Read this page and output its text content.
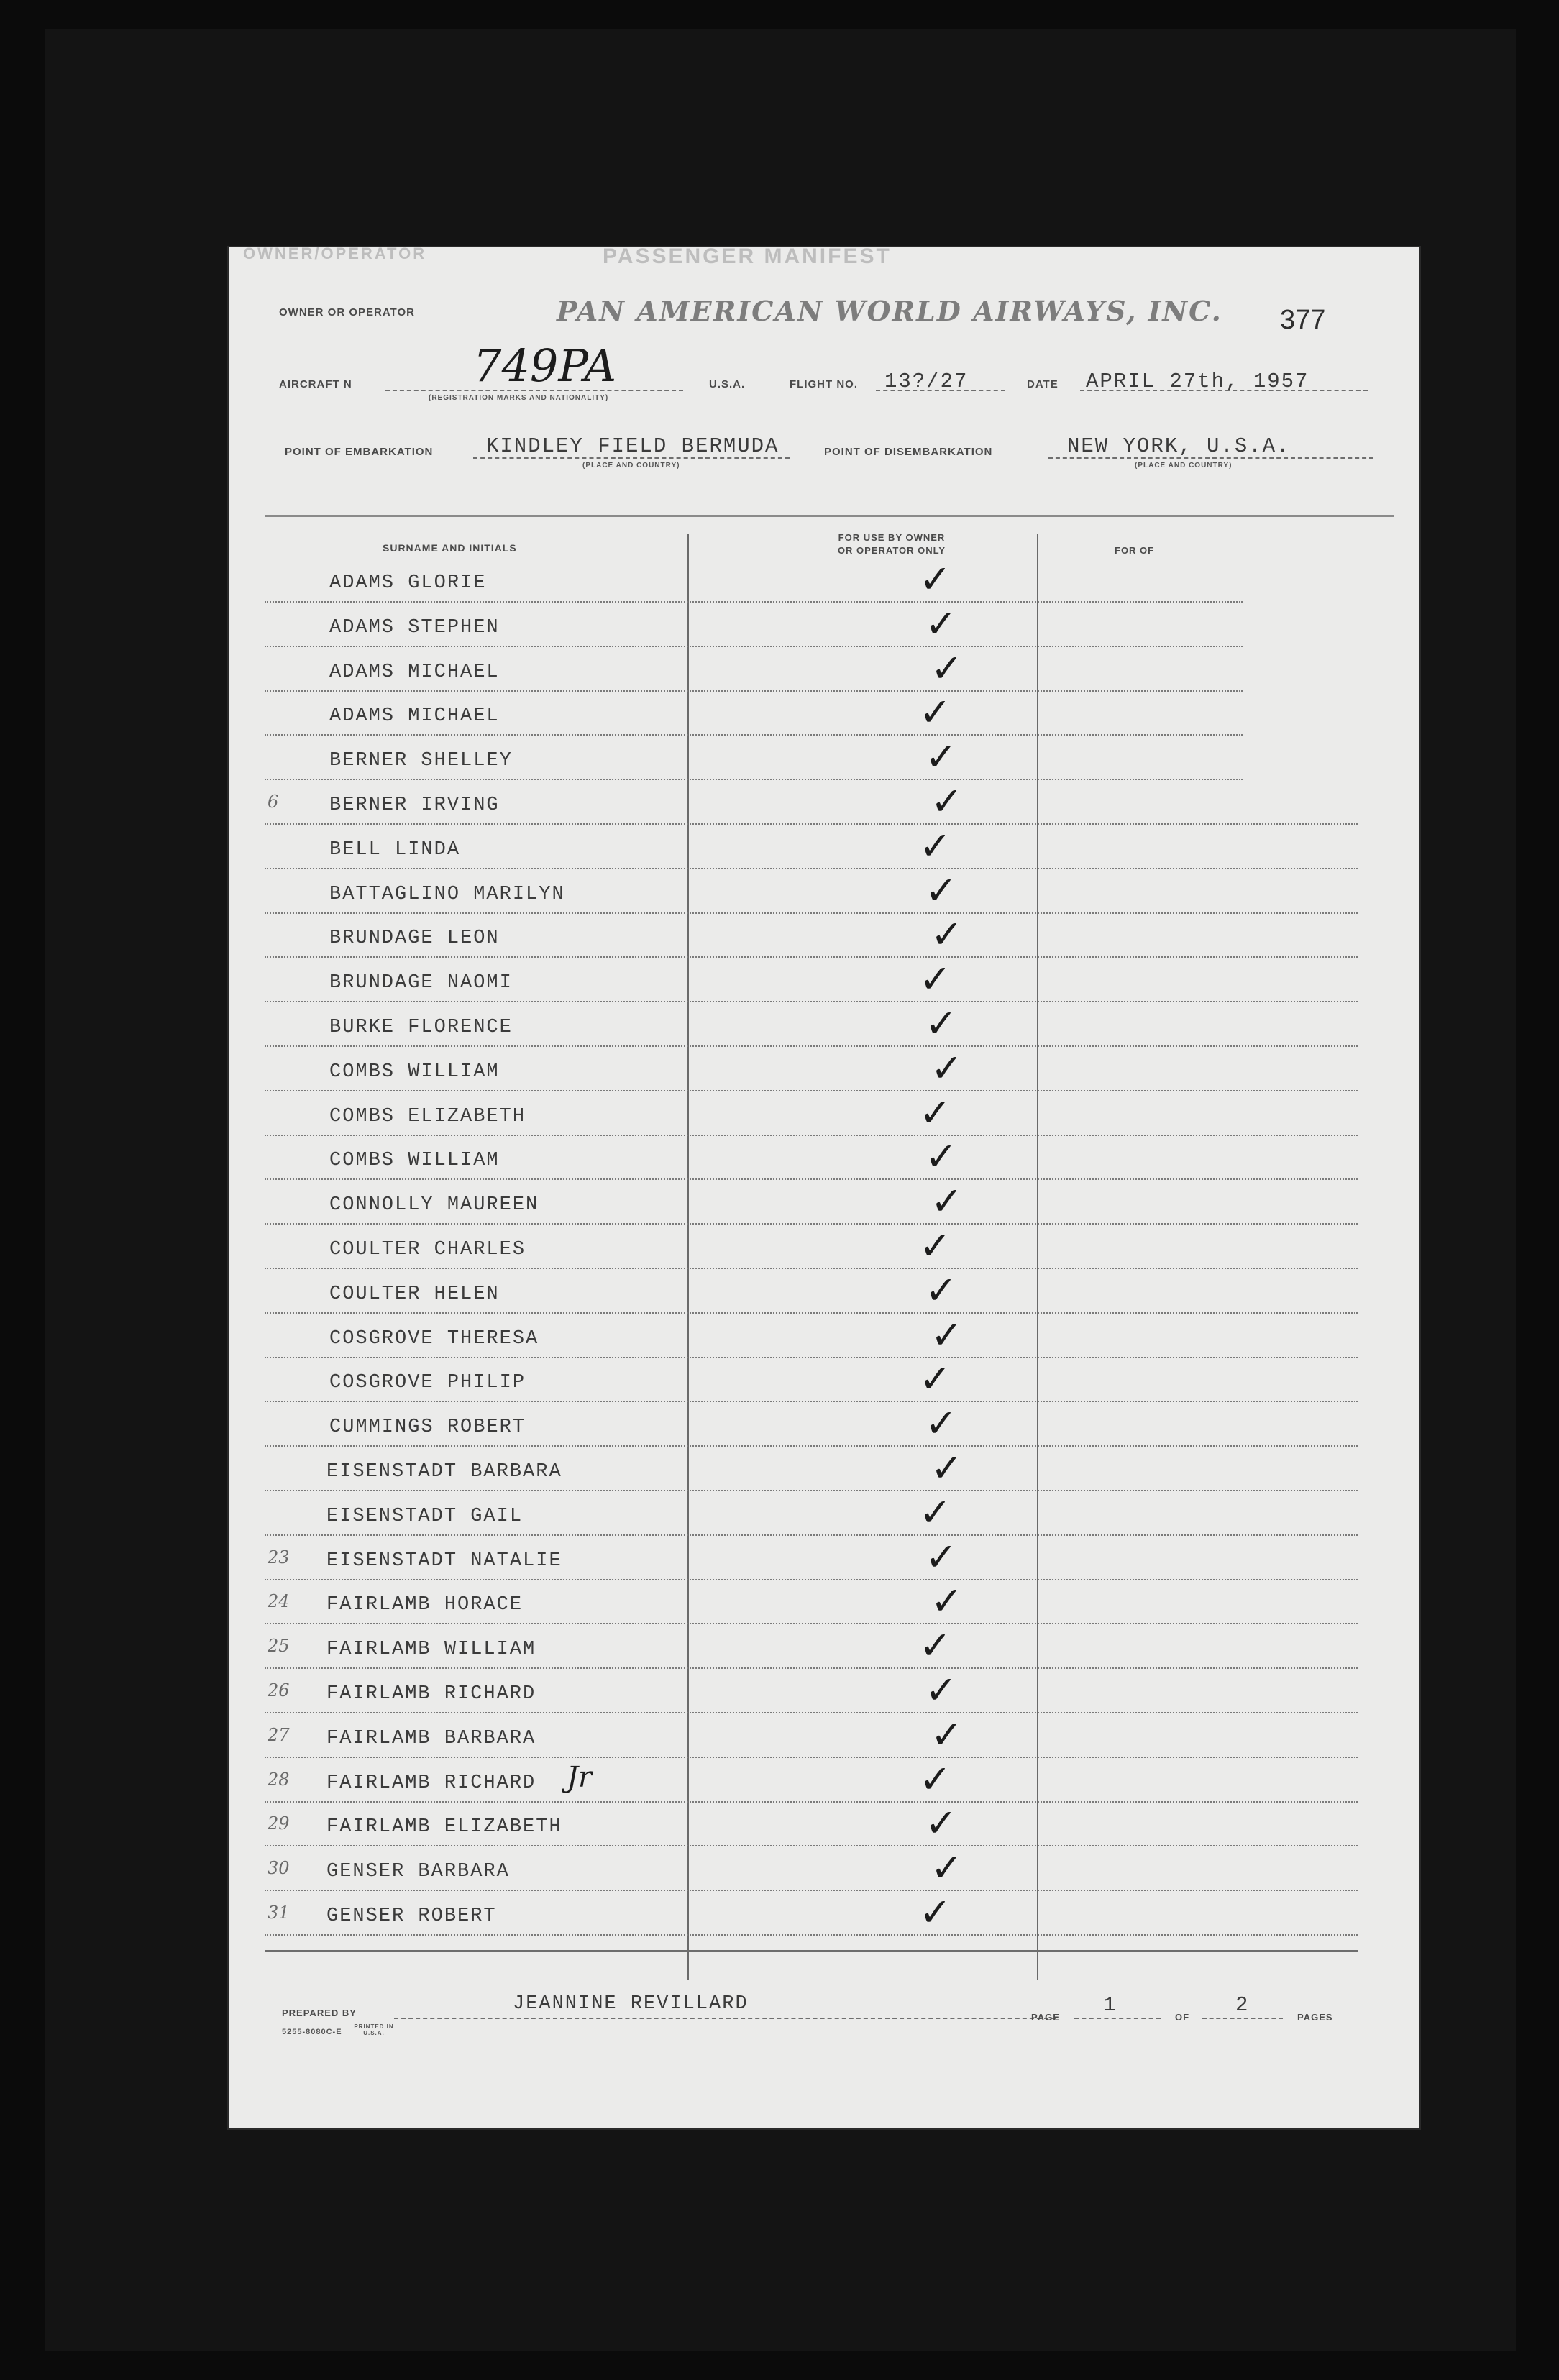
PASSENGER MANIFEST
OWNER/OPERATOR
377
OWNER OR OPERATOR	PAN AMERICAN WORLD AIRWAYS, INC.
AIRCRAFT N	749PA
(REGISTRATION MARKS AND NATIONALITY)
U.S.A.	FLIGHT NO. 13?/27	DATE APRIL 27th, 1957
POINT OF EMBARKATION	KINDLEY FIELD BERMUDA
(PLACE AND COUNTRY)
POINT OF DISEMBARKATION	NEW YORK, U.S.A.
(PLACE AND COUNTRY)
SURNAME AND INITIALS
FOR USE BY OWNER
OR OPERATOR ONLY	FOR OF
PREPARED BY	JEANNINE REVILLARD
5255-8080C-E
PRINTED IN U.S.A.
PAGE
1
OF
2
PAGES
ADAMS GLORIE	✓
ADAMS STEPHEN	✓
ADAMS MICHAEL	✓
ADAMS MICHAEL	✓
BERNER SHELLEY	✓
6	BERNER IRVING	✓
BELL LINDA	✓
BATTAGLINO MARILYN	✓
BRUNDAGE LEON	✓
BRUNDAGE NAOMI	✓
BURKE FLORENCE	✓
COMBS WILLIAM	✓
COMBS ELIZABETH	✓
COMBS WILLIAM	✓
CONNOLLY MAUREEN	✓
COULTER CHARLES	✓
COULTER HELEN	✓
COSGROVE THERESA	✓
COSGROVE PHILIP	✓
CUMMINGS ROBERT	✓
EISENSTADT BARBARA	✓
EISENSTADT GAIL	✓
23 EISENSTADT NATALIE	✓
24 FAIRLAMB HORACE	✓
25 FAIRLAMB WILLIAM	✓
26 FAIRLAMB RICHARD	✓
27 FAIRLAMB BARBARA	✓
28 FAIRLAMB RICHARD	✓
29 FAIRLAMB ELIZABETH	✓
30 GENSER BARBARA	✓
31 GENSER ROBERT	✓
Jr
